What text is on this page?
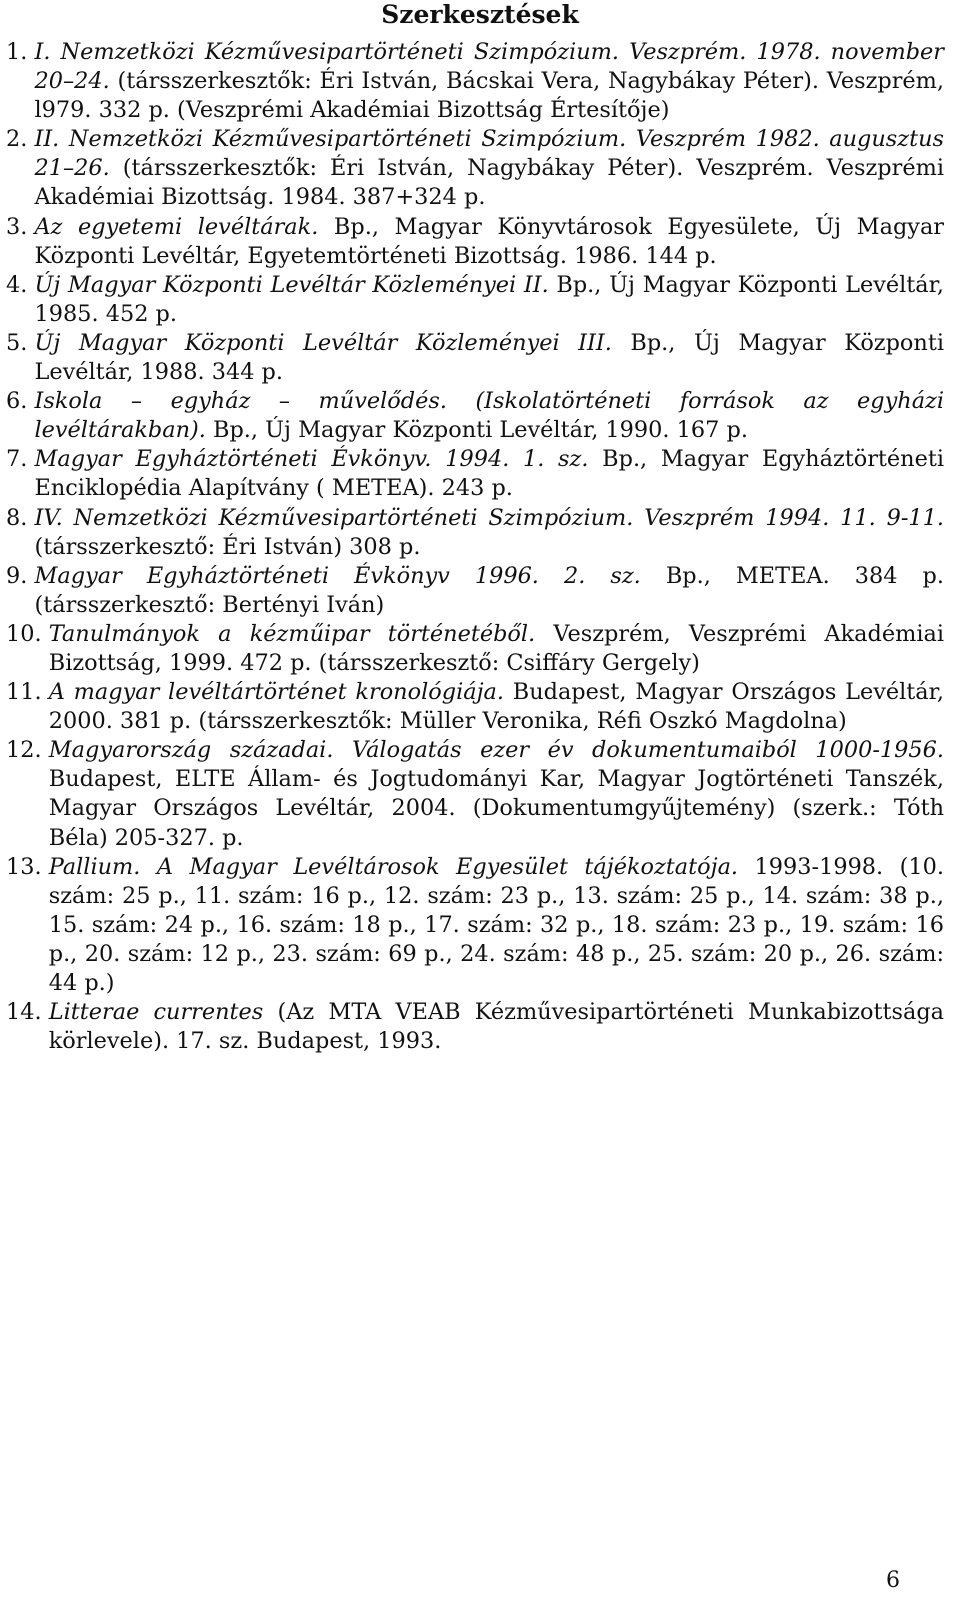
Szerkesztések
1. I. Nemzetközi Kézművesipartörténeti Szimpózium. Veszprém. 1978. november 20–24. (társszerkesztők: Éri István, Bácskai Vera, Nagybákay Péter). Veszprém, l979. 332 p. (Veszprémi Akadémiai Bizottság Értesítője)
2. II. Nemzetközi Kézművesipartörténeti Szimpózium. Veszprém 1982. augusztus 21–26. (társszerkesztők: Éri István, Nagybákay Péter). Veszprém. Veszprémi Akadémiai Bizottság. 1984. 387+324 p.
3. Az egyetemi levéltárak. Bp., Magyar Könyvtárosok Egyesülete, Új Magyar Központi Levéltár, Egyetemtörténeti Bizottság. 1986. 144 p.
4. Új Magyar Központi Levéltár Közleményei II. Bp., Új Magyar Központi Levéltár, 1985. 452 p.
5. Új Magyar Központi Levéltár Közleményei III. Bp., Új Magyar Központi Levéltár, 1988. 344 p.
6. Iskola – egyház – művelődés. (Iskolatörténeti források az egyházi levéltárakban). Bp., Új Magyar Központi Levéltár, 1990. 167 p.
7. Magyar Egyháztörténeti Évkönyv. 1994. 1. sz. Bp., Magyar Egyháztörténeti Enciklopédia Alapítvány ( METEA). 243 p.
8. IV. Nemzetközi Kézművesipartörténeti Szimpózium. Veszprém 1994. 11. 9-11. (társszerkesztő: Éri István) 308 p.
9. Magyar Egyháztörténeti Évkönyv 1996. 2. sz. Bp., METEA. 384 p. (társszerkesztő: Bertényi Iván)
10. Tanulmányok a kézműipar történetéből. Veszprém, Veszprémi Akadémiai Bizottság, 1999. 472 p. (társszerkesztő: Csiffáry Gergely)
11. A magyar levéltártörténet kronológiája. Budapest, Magyar Országos Levéltár, 2000. 381 p. (társszerkesztők: Müller Veronika, Réfi Oszkó Magdolna)
12. Magyarország századai. Válogatás ezer év dokumentumaiból 1000-1956. Budapest, ELTE Állam- és Jogtudományi Kar, Magyar Jogtörténeti Tanszék, Magyar Országos Levéltár, 2004. (Dokumentumgyűjtemény) (szerk.: Tóth Béla) 205-327. p.
13. Pallium. A Magyar Levéltárosok Egyesület tájékoztatója. 1993-1998. (10. szám: 25 p., 11. szám: 16 p., 12. szám: 23 p., 13. szám: 25 p., 14. szám: 38 p., 15. szám: 24 p., 16. szám: 18 p., 17. szám: 32 p., 18. szám: 23 p., 19. szám: 16 p., 20. szám: 12 p., 23. szám: 69 p., 24. szám: 48 p., 25. szám: 20 p., 26. szám: 44 p.)
14. Litterae currentes (Az MTA VEAB Kézművesipartörténeti Munkabizottsága körlevele). 17. sz. Budapest, 1993.
6
